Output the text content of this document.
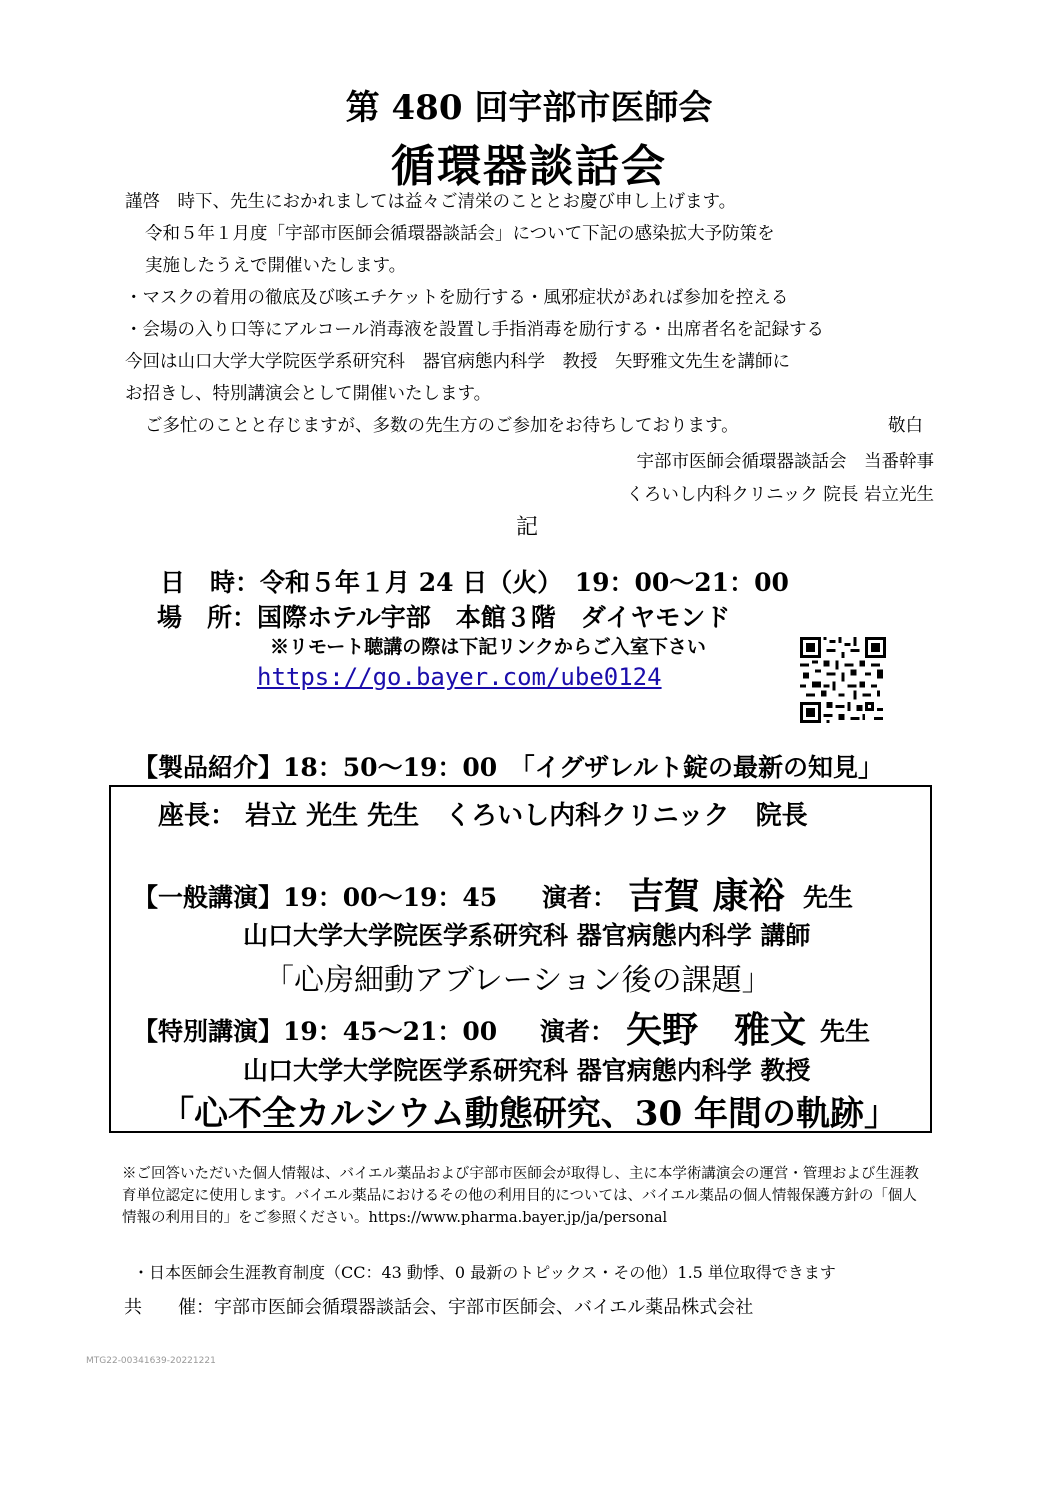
第 480 回宇部市医師会
循環器談話会
謹啓　時下、先生におかれましては益々ご清栄のこととお慶び申し上げます。
令和５年１月度「宇部市医師会循環器談話会」について下記の感染拡大予防策を
実施したうえで開催いたします。
・マスクの着用の徹底及び咳エチケットを励行する・風邪症状があれば参加を控える
・会場の入り口等にアルコール消毒液を設置し手指消毒を励行する・出席者名を記録する
今回は山口大学大学院医学系研究科　器官病態内科学　教授　矢野雅文先生を講師に
お招きし、特別講演会として開催いたします。
ご多忙のことと存じますが、多数の先生方のご参加をお待ちしております。	敬白
宇部市医師会循環器談話会　当番幹事
くろいし内科クリニック 院長 岩立光生
記
日　時：令和５年１月 24 日（火）　19：00～21：00
場　所：国際ホテル宇部　本館３階　ダイヤモンド
※リモート聴講の際は下記リンクからご入室下さい
https://go.bayer.com/ube0124
【製品紹介】18：50～19：00　「イグザレルト錠の最新の知見」
座長： 岩立 光生 先生　くろいし内科クリニック　院長
【一般講演】19：00～19：45 演者： 吉賀 康裕 先生
山口大学大学院医学系研究科 器官病態内科学 講師
「心房細動アブレーション後の課題」
【特別講演】19：45～21：00 演者： 矢野　雅文 先生
山口大学大学院医学系研究科 器官病態内科学 教授
「心不全カルシウム動態研究、30 年間の軌跡」
※ご回答いただいた個人情報は、バイエル薬品および宇部市医師会が取得し、主に本学術講演会の運営・管理および生涯教育単位認定に使用します。バイエル薬品におけるその他の利用目的については、バイエル薬品の個人情報保護方針の「個人情報の利用目的」をご参照ください。https://www.pharma.bayer.jp/ja/personal
・日本医師会生涯教育制度（CC：43 動悸、0 最新のトピックス・その他）1.5 単位取得できます
共　　催：宇部市医師会循環器談話会、宇部市医師会、バイエル薬品株式会社
MTG22-00341639-20221221
